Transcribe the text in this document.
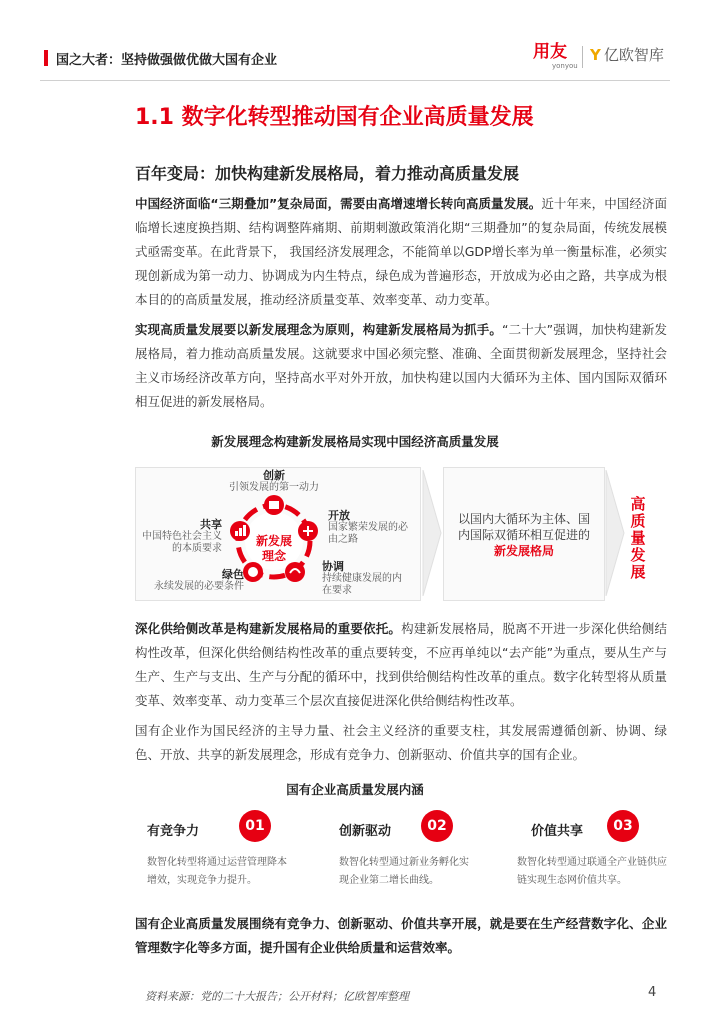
国之大者：坚持做强做优做大国有企业	用友
yonyou
Y 亿欧智库
1.1 数字化转型推动国有企业高质量发展
百年变局：加快构建新发展格局，着力推动高质量发展
中国经济面临“三期叠加”复杂局面，需要由高增速增长转向高质量发展。近十年来，中国经济面临增长速度换挡期、结构调整阵痛期、前期刺激政策消化期“三期叠加”的复杂局面，传统发展模式亟需变革。在此背景下， 我国经济发展理念，不能简单以GDP增长率为单一衡量标准，必须实现创新成为第一动力、协调成为内生特点，绿色成为普遍形态，开放成为必由之路，共享成为根本目的的高质量发展，推动经济质量变革、效率变革、动力变革。
实现高质量发展要以新发展理念为原则，构建新发展格局为抓手。“二十大”强调，加快构建新发展格局，着力推动高质量发展。这就要求中国必须完整、准确、全面贯彻新发展理念，坚持社会主义市场经济改革方向，坚持高水平对外开放，加快构建以国内大循环为主体、国内国际双循环相互促进的新发展格局。
新发展理念构建新发展格局实现中国经济高质量发展
新发展理念
创新
引领发展的第一动力
开放
国家繁荣发展的必由之路
协调
持续健康发展的内在要求
绿色
永续发展的必要条件
共享
中国特色社会主义的本质要求
以国内大循环为主体、国内国际双循环相互促进的新发展格局
高质量发展
深化供给侧改革是构建新发展格局的重要依托。构建新发展格局，脱离不开进一步深化供给侧结构性改革，但深化供给侧结构性改革的重点要转变，不应再单纯以“去产能”为重点，要从生产与生产、生产与支出、生产与分配的循环中，找到供给侧结构性改革的重点。数字化转型将从质量变革、效率变革、动力变革三个层次直接促进深化供给侧结构性改革。
国有企业作为国民经济的主导力量、社会主义经济的重要支柱，其发展需遵循创新、协调、绿色、开放、共享的新发展理念，形成有竞争力、创新驱动、价值共享的国有企业。
国有企业高质量发展内涵
有竞争力	01
数智化转型将通过运营管理降本增效，实现竞争力提升。
创新驱动	02
数智化转型通过新业务孵化实现企业第二增长曲线。
价值共享	03
数智化转型通过联通全产业链供应链实现生态网价值共享。
国有企业高质量发展围绕有竞争力、创新驱动、价值共享开展，就是要在生产经营数字化、企业管理数字化等多方面，提升国有企业供给质量和运营效率。
资料来源：党的二十大报告；公开材料；亿欧智库整理	4
